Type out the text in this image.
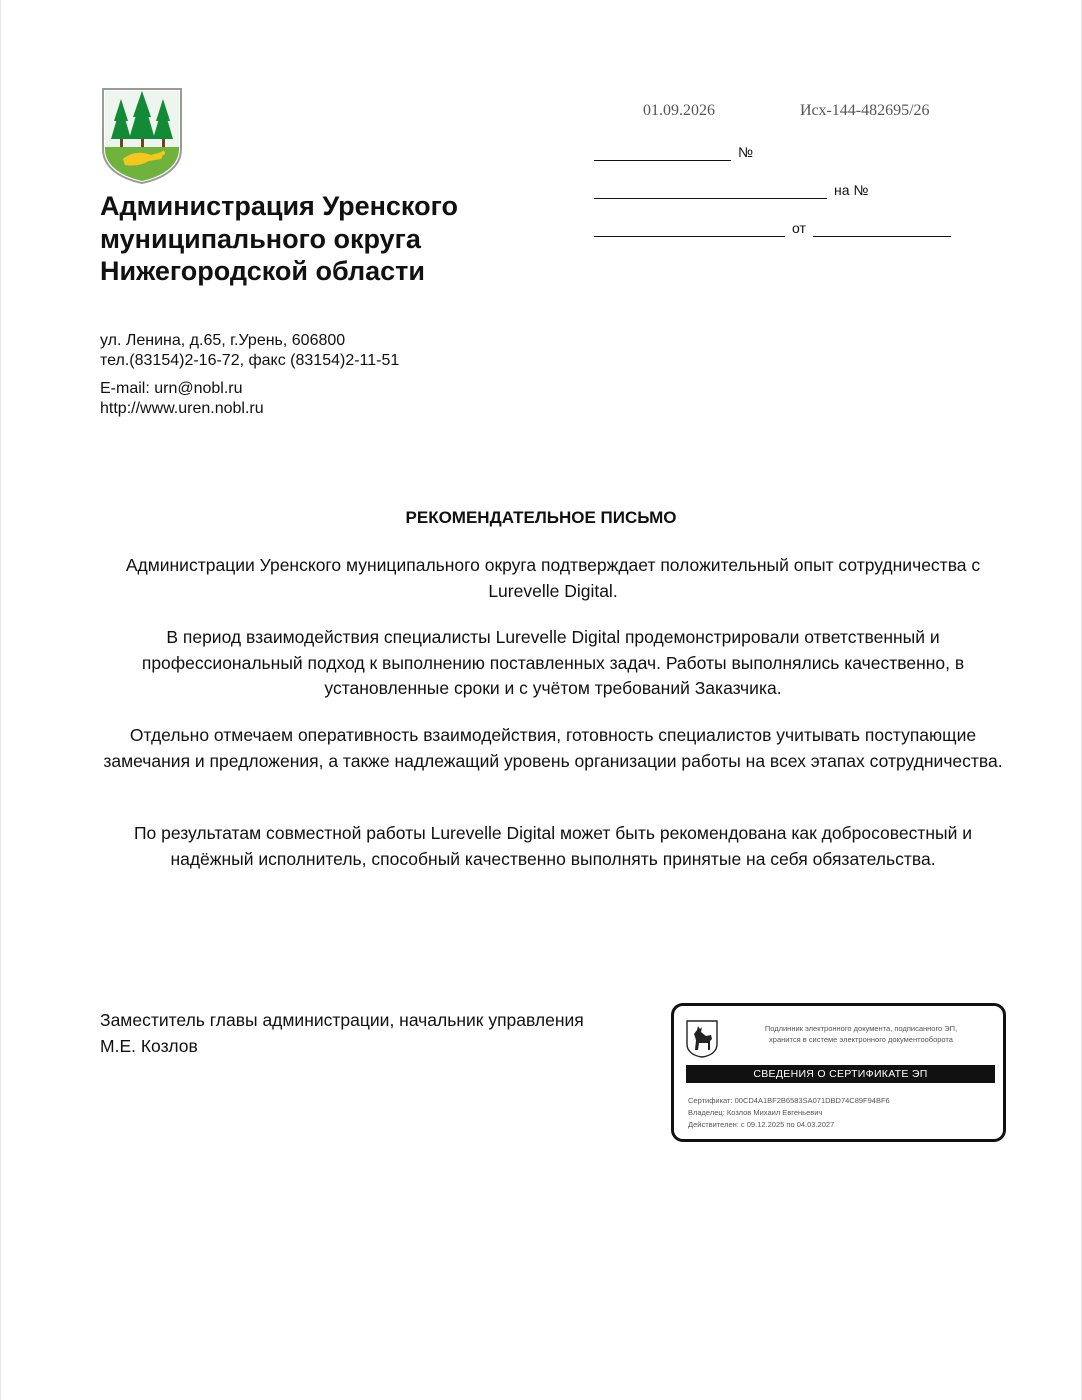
Администрация Уренского муниципального округа Нижегородской области
ул. Ленина, д.65, г.Урень, 606800
тел.(83154)2-16-72, факс (83154)2-11-51
E-mail: urn@nobl.ru
http://www.uren.nobl.ru
01.09.2026	Исх-144-482695/26
№
на №
от
РЕКОМЕНДАТЕЛЬНОЕ ПИСЬМО

Администрации Уренского муниципального округа подтверждает положительный опыт сотрудничества с Lurevelle Digital.

В период взаимодействия специалисты Lurevelle Digital продемонстрировали ответственный и профессиональный подход к выполнению поставленных задач. Работы выполнялись качественно, в установленные сроки и с учётом требований Заказчика.

Отдельно отмечаем оперативность взаимодействия, готовность специалистов учитывать поступающие замечания и предложения, а также надлежащий уровень организации работы на всех этапах сотрудничества.

По результатам совместной работы Lurevelle Digital может быть рекомендована как добросовестный и надёжный исполнитель, способный качественно выполнять принятые на себя обязательства.

Заместитель главы администрации, начальник управления
М.Е. Козлов
Подлинник электронного документа, подписанного ЭП,
хранится в системе электронного документооборота
СВЕДЕНИЯ О СЕРТИФИКАТЕ ЭП
Сертификат: 00CD4A1BF2B6583SA071DBD74C89F94BF6
Владелец: Козлов Михаил Евгеньевич
Действителен: с 09.12.2025 по 04.03.2027
